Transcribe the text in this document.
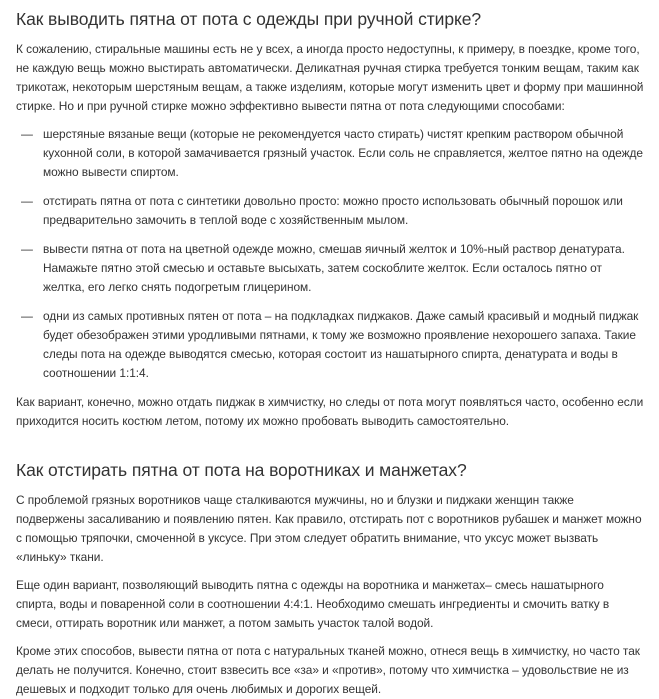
Как выводить пятна от пота с одежды при ручной стирке?

К сожалению, стиральные машины есть не у всех, а иногда просто недоступны, к примеру, в поездке, кроме того, не каждую вещь можно выстирать автоматически. Деликатная ручная стирка требуется тонким вещам, таким как трикотаж, некоторым шерстяным вещам, а также изделиям, которые могут изменить цвет и форму при машинной стирке. Но и при ручной стирке можно эффективно вывести пятна от пота следующими способами:

— шерстяные вязаные вещи (которые не рекомендуется часто стирать) чистят крепким раствором обычной кухонной соли, в которой замачивается грязный участок. Если соль не справляется, желтое пятно на одежде можно вывести спиртом.
— отстирать пятна от пота с синтетики довольно просто: можно просто использовать обычный порошок или предварительно замочить в теплой воде с хозяйственным мылом.
— вывести пятна от пота на цветной одежде можно, смешав яичный желток и 10%-ный раствор денатурата. Намажьте пятно этой смесью и оставьте высыхать, затем соскоблите желток. Если осталось пятно от желтка, его легко снять подогретым глицерином.
— одни из самых противных пятен от пота – на подкладках пиджаков. Даже самый красивый и модный пиджак будет обезображен этими уродливыми пятнами, к тому же возможно проявление нехорошего запаха. Такие следы пота на одежде выводятся смесью, которая состоит из нашатырного спирта, денатурата и воды в соотношении 1:1:4.

Как вариант, конечно, можно отдать пиджак в химчистку, но следы от пота могут появляться часто, особенно если приходится носить костюм летом, потому их можно пробовать выводить самостоятельно.

Как отстирать пятна от пота на воротниках и манжетах?

С проблемой грязных воротников чаще сталкиваются мужчины, но и блузки и пиджаки женщин также подвержены засаливанию и появлению пятен. Как правило, отстирать пот с воротников рубашек и манжет можно с помощью тряпочки, смоченной в уксусе. При этом следует обратить внимание, что уксус может вызвать «линьку» ткани.

Еще один вариант, позволяющий выводить пятна с одежды на воротника и манжетах– смесь нашатырного спирта, воды и поваренной соли в соотношении 4:4:1. Необходимо смешать ингредиенты и смочить ватку в смеси, оттирать воротник или манжет, а потом замыть участок талой водой.

Кроме этих способов, вывести пятна от пота с натуральных тканей можно, отнеся вещь в химчистку, но часто так делать не получится. Конечно, стоит взвесить все «за» и «против», потому что химчистка – удовольствие не из дешевых и подходит только для очень любимых и дорогих вещей.
